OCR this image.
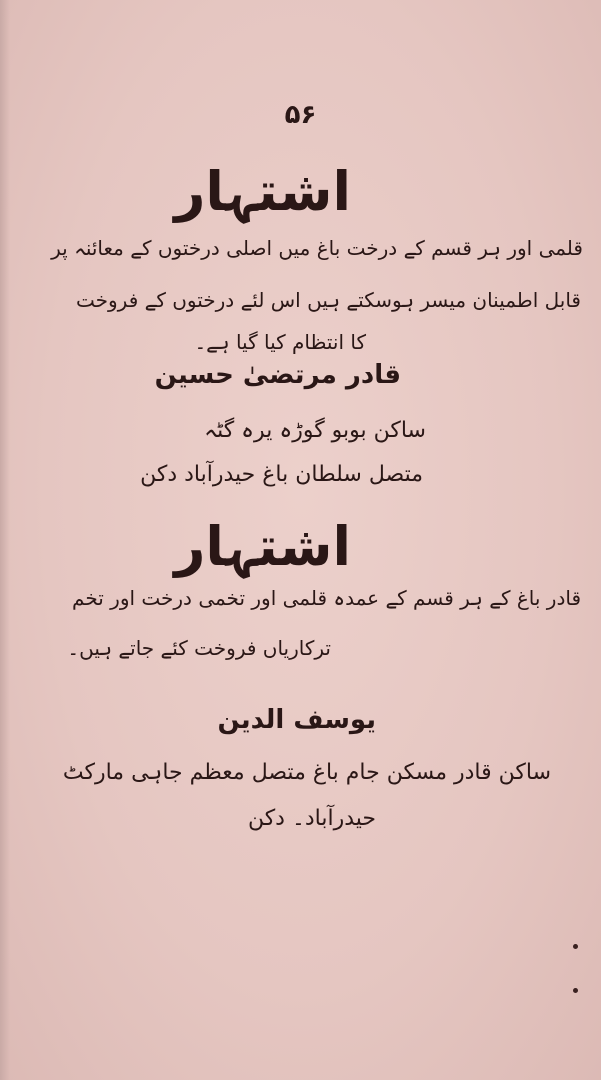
۵۶
اشتہار
قلمی اور ہر قسم کے درخت باغ میں اصلی درختوں کے معائنہ پر
قابل اطمینان میسر ہوسکتے ہیں اس لئے درختوں کے فروخت
کا انتظام کیا گیا ہے۔
قادر مرتضیٰ حسین
ساکن بوبو گوڑہ یرہ گٹہ
متصل سلطان باغ حیدرآباد دکن
اشتہار
قادر باغ کے ہر قسم کے عمدہ قلمی اور تخمی درخت اور تخم
ترکاریاں فروخت کئے جاتے ہیں۔
یوسف الدین
ساکن قادر مسکن جام باغ متصل معظم جاہی مارکٹ
حیدرآباد۔ دکن
